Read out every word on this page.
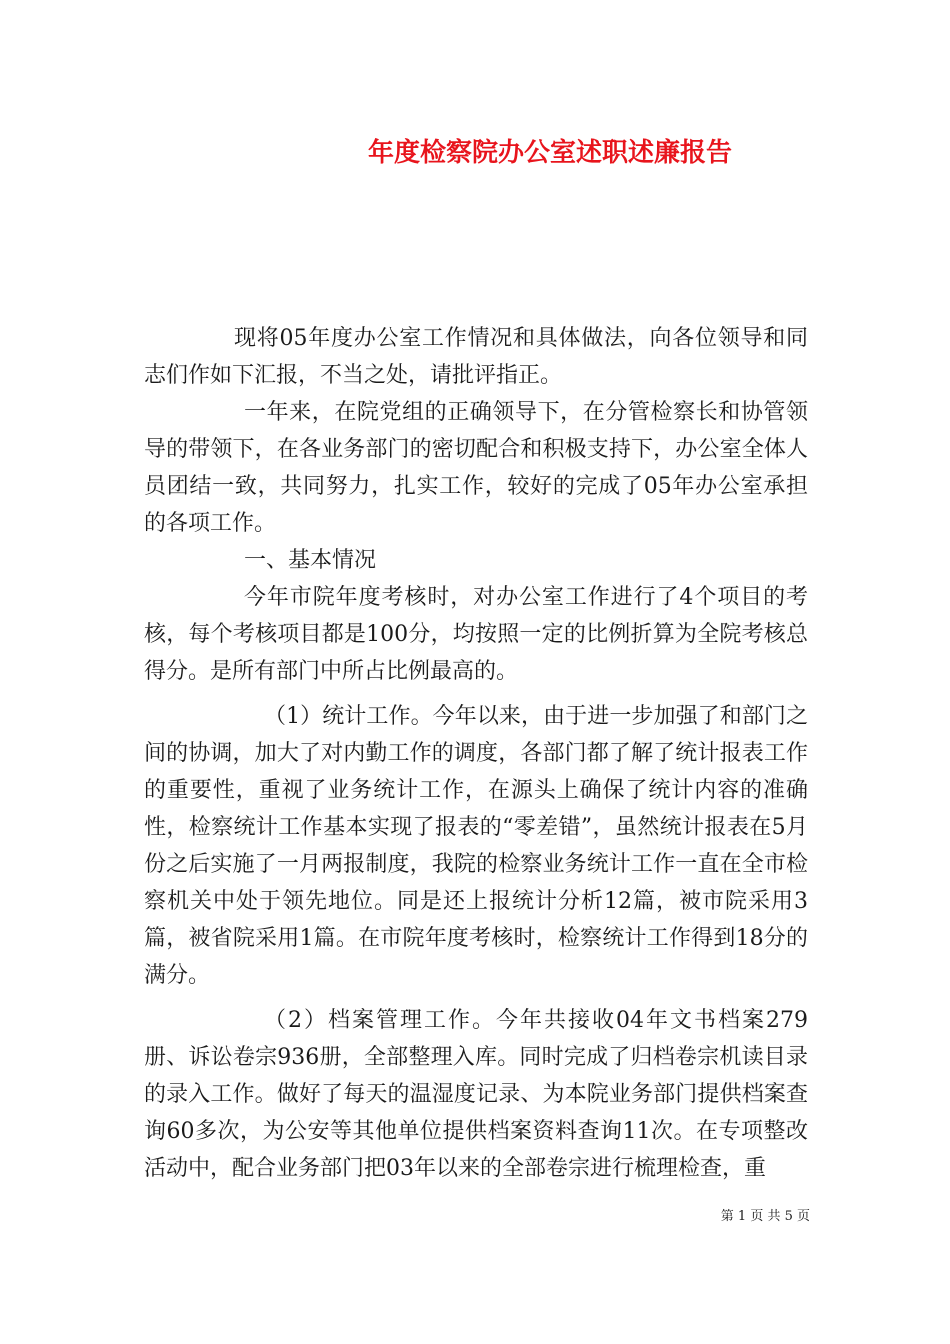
年度检察院办公室述职述廉报告

现将05年度办公室工作情况和具体做法，向各位领导和同志们作如下汇报，不当之处，请批评指正。

一年来，在院党组的正确领导下，在分管检察长和协管领导的带领下，在各业务部门的密切配合和积极支持下，办公室全体人员团结一致，共同努力，扎实工作，较好的完成了05年办公室承担的各项工作。

一、基本情况

今年市院年度考核时，对办公室工作进行了4个项目的考核，每个考核项目都是100分，均按照一定的比例折算为全院考核总得分。是所有部门中所占比例最高的。

（1）统计工作。今年以来，由于进一步加强了和部门之间的协调，加大了对内勤工作的调度，各部门都了解了统计报表工作的重要性，重视了业务统计工作，在源头上确保了统计内容的准确性，检察统计工作基本实现了报表的“零差错”，虽然统计报表在5月份之后实施了一月两报制度，我院的检察业务统计工作一直在全市检察机关中处于领先地位。同是还上报统计分析12篇，被市院采用3篇，被省院采用1篇。在市院年度考核时，检察统计工作得到18分的满分。

（2）档案管理工作。今年共接收04年文书档案279册、诉讼卷宗936册，全部整理入库。同时完成了归档卷宗机读目录的录入工作。做好了每天的温湿度记录、为本院业务部门提供档案查询60多次，为公安等其他单位提供档案资料查询11次。在专项整改活动中，配合业务部门把03年以来的全部卷宗进行梳理检查，重

第 1 页 共 5 页
